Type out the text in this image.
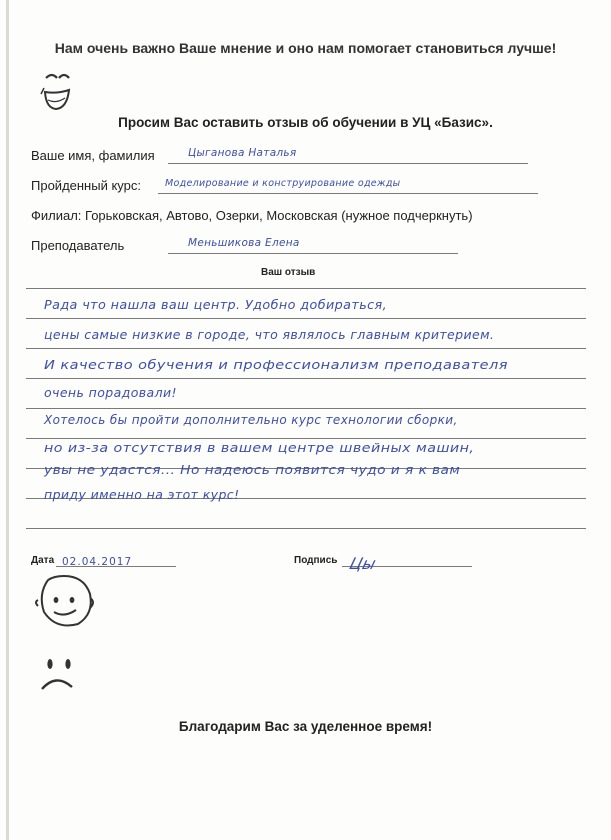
Нам очень важно Ваше мнение и оно нам помогает становиться лучше!
Просим Вас оставить отзыв об обучении в УЦ «Базис».
Ваше имя, фамилия	Цыганова Наталья
Пройденный курс:	Моделирование и конструирование одежды
Филиал: Горьковская, Автово, Озерки, Московская (нужное подчеркнуть)
Преподаватель	Меньшикова Елена
Ваш отзыв
Рада что нашла ваш центр. Удобно добираться,
цены самые низкие в городе, что являлось главным критерием.
И качество обучения и профессионализм преподавателя
очень порадовали!
Хотелось бы пройти дополнительно курс технологии сборки,
но из-за отсутствия в вашем центре швейных машин,
увы не удастся... Но надеюсь появится чудо и я к вам
приду именно на этот курс!
Дата 02.04.2017	Подпись Цы
Благодарим Вас за уделенное время!
